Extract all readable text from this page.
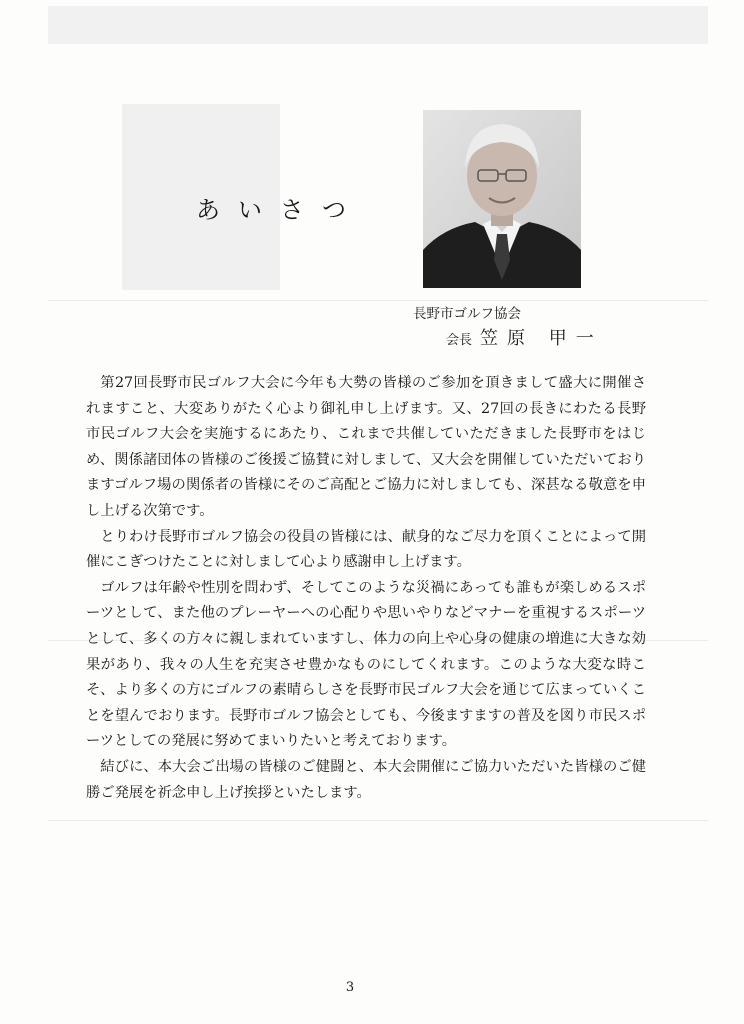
あいさつ
長野市ゴルフ協会
会長 笠原 甲一

第27回長野市民ゴルフ大会に今年も大勢の皆様のご参加を頂きまして盛大に開催されますこと、大変ありがたく心より御礼申し上げます。又、27回の長きにわたる長野市民ゴルフ大会を実施するにあたり、これまで共催していただきました長野市をはじめ、関係諸団体の皆様のご後援ご協賛に対しまして、又大会を開催していただいておりますゴルフ場の関係者の皆様にそのご高配とご協力に対しましても、深甚なる敬意を申し上げる次第です。

とりわけ長野市ゴルフ協会の役員の皆様には、献身的なご尽力を頂くことによって開催にこぎつけたことに対しまして心より感謝申し上げます。

ゴルフは年齢や性別を問わず、そしてこのような災禍にあっても誰もが楽しめるスポーツとして、また他のプレーヤーへの心配りや思いやりなどマナーを重視するスポーツとして、多くの方々に親しまれていますし、体力の向上や心身の健康の増進に大きな効果があり、我々の人生を充実させ豊かなものにしてくれます。このような大変な時こそ、より多くの方にゴルフの素晴らしさを長野市民ゴルフ大会を通じて広まっていくことを望んでおります。長野市ゴルフ協会としても、今後ますますの普及を図り市民スポーツとしての発展に努めてまいりたいと考えております。

結びに、本大会ご出場の皆様のご健闘と、本大会開催にご協力いただいた皆様のご健勝ご発展を祈念申し上げ挨拶といたします。

3
